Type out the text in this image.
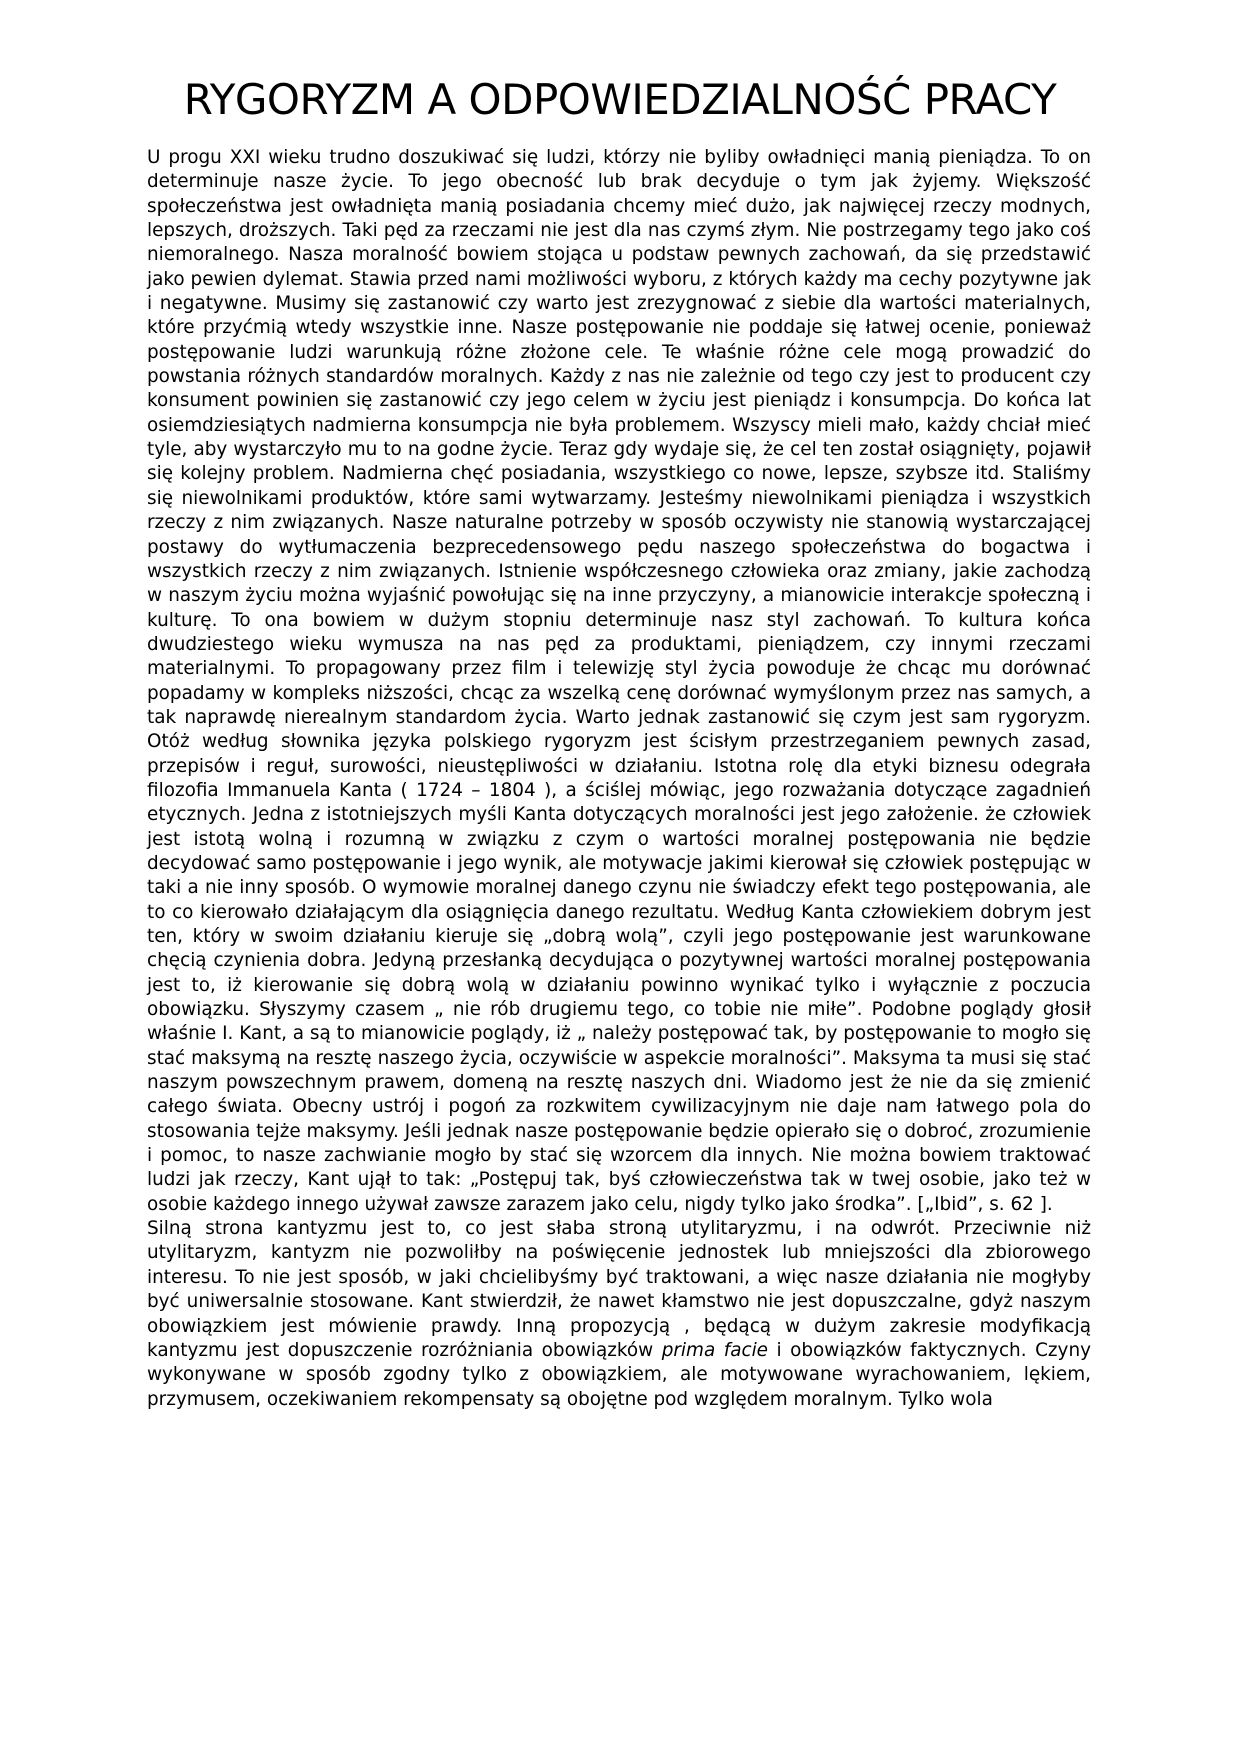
RYGORYZM A ODPOWIEDZIALNOŚĆ PRACY

U progu XXI wieku trudno doszukiwać się ludzi, którzy nie byliby owładnięci manią pieniądza. To on determinuje nasze życie. To jego obecność lub brak decyduje o tym jak żyjemy. Większość społeczeństwa jest owładnięta manią posiadania chcemy mieć dużo, jak najwięcej rzeczy modnych, lepszych, droższych. Taki pęd za rzeczami nie jest dla nas czymś złym. Nie postrzegamy tego jako coś niemoralnego. Nasza moralność bowiem stojąca u podstaw pewnych zachowań, da się przedstawić jako pewien dylemat. Stawia przed nami możliwości wyboru, z których każdy ma cechy pozytywne jak i negatywne. Musimy się zastanowić czy warto jest zrezygnować z siebie dla wartości materialnych, które przyćmią wtedy wszystkie inne. Nasze postępowanie nie poddaje się łatwej ocenie, ponieważ postępowanie ludzi warunkują różne złożone cele. Te właśnie różne cele mogą prowadzić do powstania różnych standardów moralnych. Każdy z nas nie zależnie od tego czy jest to producent czy konsument powinien się zastanowić czy jego celem w życiu jest pieniądz i konsumpcja. Do końca lat osiemdziesiątych nadmierna konsumpcja nie była problemem. Wszyscy mieli mało, każdy chciał mieć tyle, aby wystarczyło mu to na godne życie. Teraz gdy wydaje się, że cel ten został osiągnięty, pojawił się kolejny problem. Nadmierna chęć posiadania, wszystkiego co nowe, lepsze, szybsze itd. Staliśmy się niewolnikami produktów, które sami wytwarzamy. Jesteśmy niewolnikami pieniądza i wszystkich rzeczy z nim związanych. Nasze naturalne potrzeby w sposób oczywisty nie stanowią wystarczającej postawy do wytłumaczenia bezprecedensowego pędu naszego społeczeństwa do bogactwa i wszystkich rzeczy z nim związanych. Istnienie współczesnego człowieka oraz zmiany, jakie zachodzą w naszym życiu można wyjaśnić powołując się na inne przyczyny, a mianowicie interakcje społeczną i kulturę. To ona bowiem w dużym stopniu determinuje nasz styl zachowań. To kultura końca dwudziestego wieku wymusza na nas pęd za produktami, pieniądzem, czy innymi rzeczami materialnymi. To propagowany przez film i telewizję styl życia powoduje że chcąc mu dorównać popadamy w kompleks niższości, chcąc za wszelką cenę dorównać wymyślonym przez nas samych, a tak naprawdę nierealnym standardom życia. Warto jednak zastanowić się czym jest sam rygoryzm. Otóż według słownika języka polskiego rygoryzm jest ścisłym przestrzeganiem pewnych zasad, przepisów i reguł, surowości, nieustępliwości w działaniu. Istotna rolę dla etyki biznesu odegrała filozofia Immanuela Kanta ( 1724 – 1804 ), a ściślej mówiąc, jego rozważania dotyczące zagadnień etycznych. Jedna z istotniejszych myśli Kanta dotyczących moralności jest jego założenie. że człowiek jest istotą wolną i rozumną w związku z czym o wartości moralnej postępowania nie będzie decydować samo postępowanie i jego wynik, ale motywacje jakimi kierował się człowiek postępując w taki a nie inny sposób. O wymowie moralnej danego czynu nie świadczy efekt tego postępowania, ale to co kierowało działającym dla osiągnięcia danego rezultatu. Według Kanta człowiekiem dobrym jest ten, który w swoim działaniu kieruje się „dobrą wolą”, czyli jego postępowanie jest warunkowane chęcią czynienia dobra. Jedyną przesłanką decydująca o pozytywnej wartości moralnej postępowania jest to, iż kierowanie się dobrą wolą w działaniu powinno wynikać tylko i wyłącznie z poczucia obowiązku. Słyszymy czasem „ nie rób drugiemu tego, co tobie nie miłe”. Podobne poglądy głosił właśnie I. Kant, a są to mianowicie poglądy, iż „ należy postępować tak, by postępowanie to mogło się stać maksymą na resztę naszego życia, oczywiście w aspekcie moralności”. Maksyma ta musi się stać naszym powszechnym prawem, domeną na resztę naszych dni. Wiadomo jest że nie da się zmienić całego świata. Obecny ustrój i pogoń za rozkwitem cywilizacyjnym nie daje nam łatwego pola do stosowania tejże maksymy. Jeśli jednak nasze postępowanie będzie opierało się o dobroć, zrozumienie i pomoc, to nasze zachwianie mogło by stać się wzorcem dla innych. Nie można bowiem traktować ludzi jak rzeczy, Kant ujął to tak: „Postępuj tak, byś człowieczeństwa tak w twej osobie, jako też w osobie każdego innego używał zawsze zarazem jako celu, nigdy tylko jako środka”. [„Ibid”, s. 62 ].

Silną strona kantyzmu jest to, co jest słaba stroną utylitaryzmu, i na odwrót. Przeciwnie niż utylitaryzm, kantyzm nie pozwoliłby na poświęcenie jednostek lub mniejszości dla zbiorowego interesu. To nie jest sposób, w jaki chcielibyśmy być traktowani, a więc nasze działania nie mogłyby być uniwersalnie stosowane. Kant stwierdził, że nawet kłamstwo nie jest dopuszczalne, gdyż naszym obowiązkiem jest mówienie prawdy. Inną propozycją , będącą w dużym zakresie modyfikacją kantyzmu jest dopuszczenie rozróżniania obowiązków prima facie i obowiązków faktycznych. Czyny wykonywane w sposób zgodny tylko z obowiązkiem, ale motywowane wyrachowaniem, lękiem, przymusem, oczekiwaniem rekompensaty są obojętne pod względem moralnym. Tylko wola
